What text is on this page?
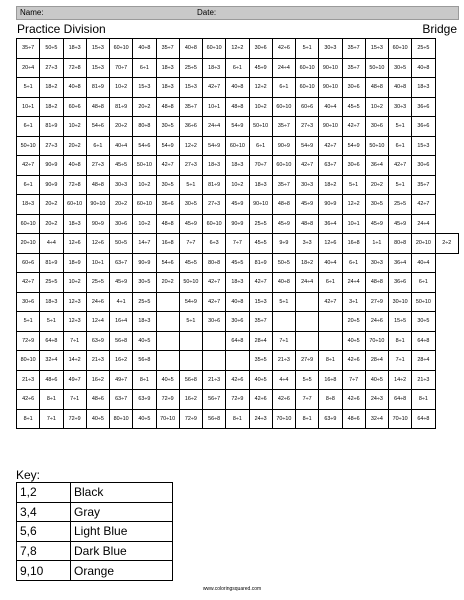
Name:	Date:
Practice Division	Bridge
35÷7	50÷5	18÷3	15÷3	60÷10	40÷8	35÷7	40÷8	60÷10	12÷2	30÷6	42÷6	5÷1	30÷3	35÷7	15÷3	60÷10	25÷5	
20÷4	27÷3	72÷8	15÷3	70÷7	6÷1	18÷3	25÷5	18÷3	6÷1	45÷9	24÷4	60÷10	90÷10	35÷7	50÷10	30÷5	40÷8	
5÷1	18÷2	40÷8	81÷9	10÷2	15÷3	18÷3	15÷3	42÷7	40÷8	12÷2	6÷1	60÷10	90÷10	30÷6	48÷8	40÷8	18÷3	
10÷1	18÷2	60÷6	48÷8	81÷9	20÷2	48÷8	35÷7	10÷1	48÷8	10÷2	60÷10	60÷6	40÷4	45÷5	10÷2	30÷3	36÷6	
6÷1	81÷9	10÷2	54÷6	20÷2	80÷8	30÷5	36÷6	24÷4	54÷9	50÷10	35÷7	27÷3	90÷10	42÷7	30÷6	5÷1	36÷6	
50÷10	27÷3	20÷2	6÷1	40÷4	54÷6	54÷9	12÷2	54÷9	60÷10	6÷1	90÷9	54÷9	42÷7	54÷9	50÷10	6÷1	15÷3	
42÷7	90÷9	40÷8	27÷3	45÷5	50÷10	42÷7	27÷3	18÷3	18÷3	70÷7	60÷10	42÷7	63÷7	30÷6	36÷4	42÷7	30÷6	
6÷1	90÷9	72÷8	48÷8	30÷3	10÷2	30÷5	5÷1	81÷9	10÷2	18÷3	35÷7	30÷3	18÷2	5÷1	20÷2	5÷1	35÷7	
18÷3	20÷2	60÷10	90÷10	20÷2	60÷10	36÷6	30÷5	27÷3	45÷9	90÷10	48÷8	45÷9	90÷9	12÷2	30÷5	25÷5	42÷7	
60÷10	20÷2	18÷3	90÷9	30÷6	10÷2	48÷8	45÷9	60÷10	90÷9	25÷5	45÷9	48÷8	36÷4	10÷1	45÷9	45÷9	24÷4	
20÷10	4÷4	12÷6	12÷6	50÷5	14÷7	16÷8	7÷7	6÷3	7÷7	45÷5	9÷9	3÷3	12÷6	16÷8	1÷1	80÷8	20÷10	2÷2
60÷6	81÷9	18÷9	10÷1	63÷7	90÷9	54÷6	45÷5	80÷8	45÷5	81÷9	50÷5	18÷2	40÷4	6÷1	30÷3	36÷4	40÷4	
42÷7	25÷5	10÷2	25÷5	45÷9	30÷5	20÷2	50÷10	42÷7	18÷3	42÷7	40÷8	24÷4	6÷1	24÷4	48÷8	36÷6	6÷1	
30÷6	18÷3	12÷3	24÷6	4÷1	25÷5		54÷9	42÷7	40÷8	15÷3	5÷1		42÷7	3÷1	27÷9	30÷10	50÷10	
5÷1	5÷1	12÷3	12÷4	16÷4	18÷3		5÷1	30÷6	30÷6	35÷7				20÷5	24÷6	15÷5	30÷5	
72÷9	64÷8	7÷1	63÷9	56÷8	40÷5				64÷8	28÷4	7÷1			40÷5	70÷10	8÷1	64÷8	
80÷10	32÷4	14÷2	21÷3	16÷2	56÷8					35÷5	21÷3	27÷9	8÷1	42÷6	28÷4	7÷1	28÷4	
21÷3	48÷6	49÷7	16÷2	49÷7	8÷1	40÷5	56÷8	21÷3	42÷6	40÷5	4÷4	5÷5	16÷8	7÷7	40÷5	14÷2	21÷3	
42÷6	8÷1	7÷1	48÷6	63÷7	63÷9	72÷9	16÷2	56÷7	72÷9	42÷6	42÷6	7÷7	8÷8	42÷6	24÷3	64÷8	8÷1	
8÷1	7÷1	72÷9	40÷5	80÷10	40÷5	70÷10	72÷9	56÷8	8÷1	24÷3	70÷10	8÷1	63÷9	48÷6	32÷4	70÷10	64÷8	
Key:
1,2	Black
3,4	Gray
5,6	Light Blue
7,8	Dark Blue
9,10	Orange
www.coloringsquared.com
